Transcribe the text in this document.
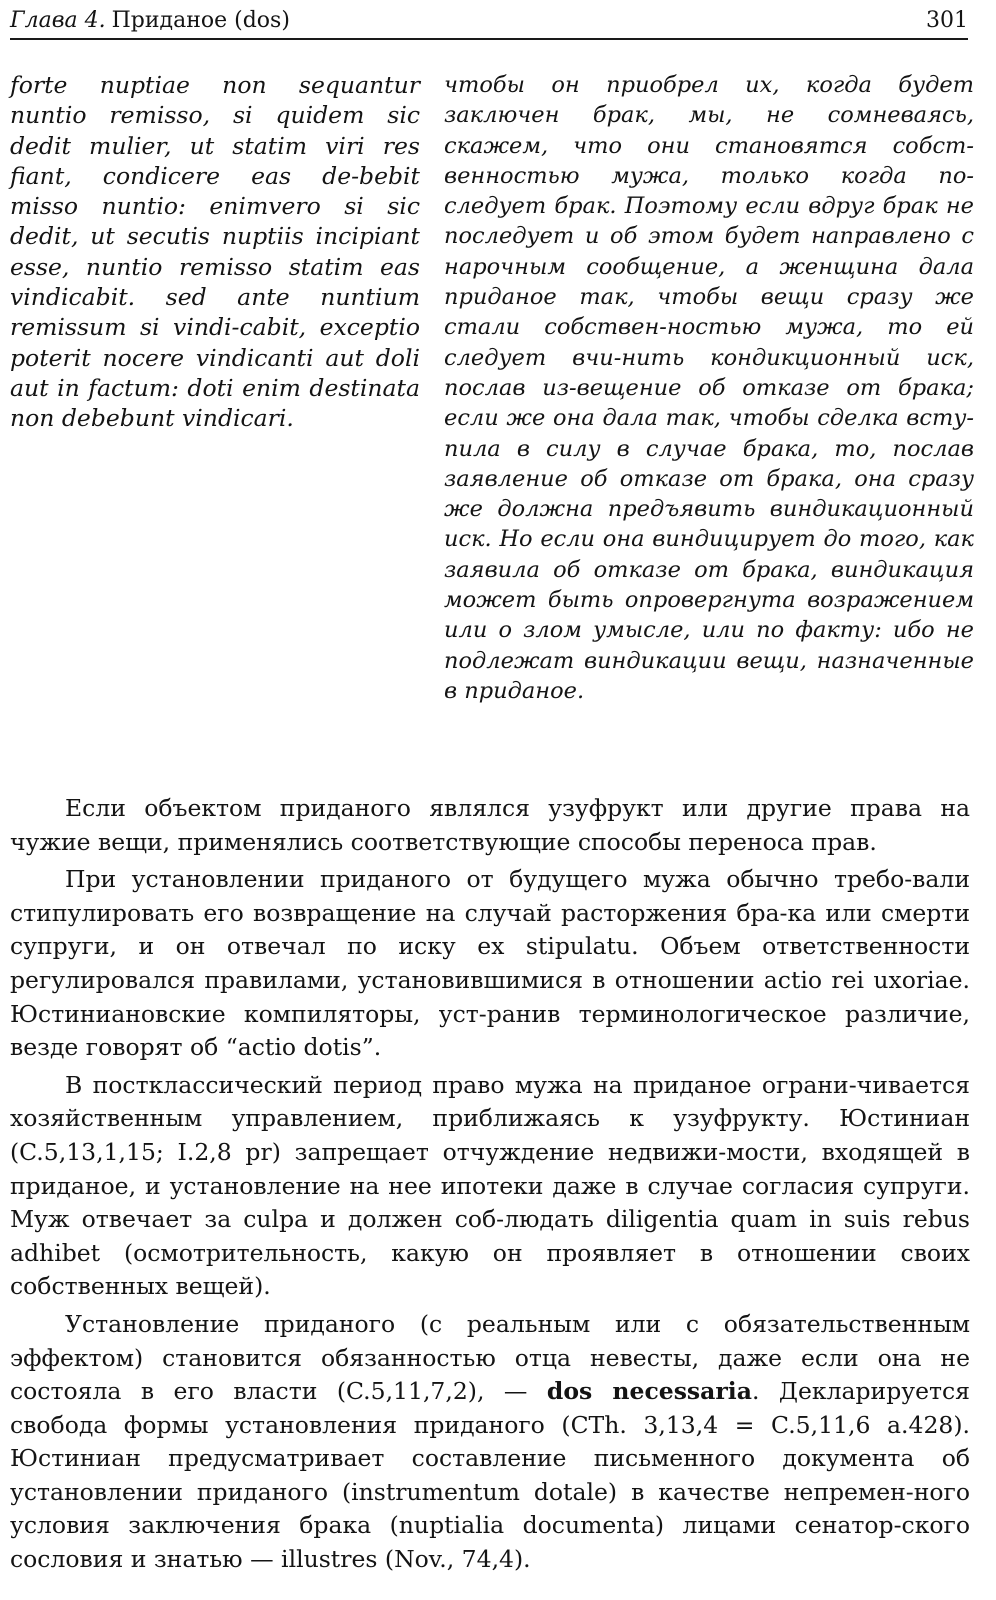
Глава 4. Приданое (dos)	301
forte nuptiae non sequantur nuntio remisso, si quidem sic dedit mulier, ut statim viri res fiant, condicere eas de-bebit misso nuntio: enimvero si sic dedit, ut secutis nuptiis incipiant esse, nuntio remisso statim eas vindicabit. sed ante nuntium remissum si vindi-cabit, exceptio poterit nocere vindicanti aut doli aut in factum: doti enim destinata non debebunt vindicari.
чтобы он приобрел их, когда будет заключен брак, мы, не сомневаясь, скажем, что они становятся собст-венностью мужа, только когда по-следует брак. Поэтому если вдруг брак не последует и об этом будет направлено с нарочным сообщение, а женщина дала приданое так, чтобы вещи сразу же стали собствен-ностью мужа, то ей следует вчи-нить кондикционный иск, послав из-вещение об отказе от брака; если же она дала так, чтобы сделка всту-пила в силу в случае брака, то, послав заявление об отказе от брака, она сразу же должна предъявить виндикационный иск. Но если она виндицирует до того, как заявила об отказе от брака, виндикация может быть опровергнута возражением или о злом умысле, или по факту: ибо не подлежат виндикации вещи, назначенные в приданое.

Если объектом приданого являлся узуфрукт или другие права на чужие вещи, применялись соответствующие способы переноса прав.

При установлении приданого от будущего мужа обычно требо-вали стипулировать его возвращение на случай расторжения бра-ка или смерти супруги, и он отвечал по иску ex stipulatu. Объем ответственности регулировался правилами, установившимися в отношении actio rei uxoriae. Юстиниановские компиляторы, уст-ранив терминологическое различие, везде говорят об “actio dotis”.

В постклассический период право мужа на приданое ограни-чивается хозяйственным управлением, приближаясь к узуфрукту. Юстиниан (C.5,13,1,15; I.2,8 pr) запрещает отчуждение недвижи-мости, входящей в приданое, и установление на нее ипотеки даже в случае согласия супруги. Муж отвечает за culpa и должен соб-людать diligentia quam in suis rebus adhibet (осмотрительность, какую он проявляет в отношении своих собственных вещей).

Установление приданого (с реальным или с обязательственным эффектом) становится обязанностью отца невесты, даже если она не состояла в его власти (C.5,11,7,2), — dos necessaria. Декларируется свобода формы установления приданого (CTh. 3,13,4 = C.5,11,6 a.428). Юстиниан предусматривает составление письменного документа об установлении приданого (instrumentum dotale) в качестве непремен-ного условия заключения брака (nuptialia documenta) лицами сенатор-ского сословия и знатью — illustres (Nov., 74,4).
